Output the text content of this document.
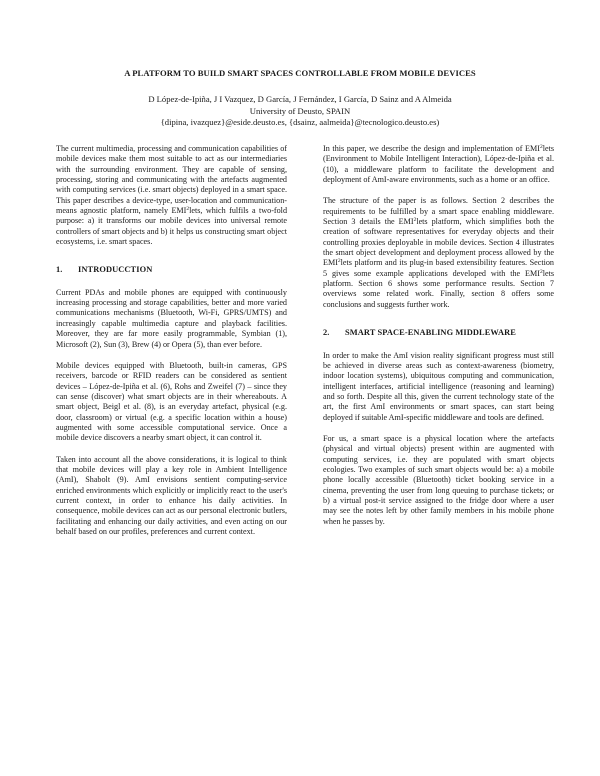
A PLATFORM TO BUILD SMART SPACES CONTROLLABLE FROM MOBILE DEVICES
D López-de-Ipiña, J I Vazquez, D García, J Fernández, I García, D Sainz and A Almeida
University of Deusto, SPAIN
{dipina, ivazquez}@eside.deusto.es, {dsainz, aalmeida}@tecnologico.deusto.es)

The current multimedia, processing and communication capabilities of mobile devices make them most suitable to act as our intermediaries with the surrounding environment. They are capable of sensing, processing, storing and communicating with the artefacts augmented with computing services (i.e. smart objects) deployed in a smart space. This paper describes a device-type, user-location and communication-means agnostic platform, namely EMI$^2$lets, which fulfils a two-fold purpose: a) it transforms our mobile devices into universal remote controllers of smart objects and b) it helps us constructing smart object ecosystems, i.e. smart spaces.

1. INTRODUCCTION

Current PDAs and mobile phones are equipped with continuously increasing processing and storage capabilities, better and more varied communications mechanisms (Bluetooth, Wi-Fi, GPRS/UMTS) and increasingly capable multimedia capture and playback facilities. Moreover, they are far more easily programmable, Symbian (1), Microsoft (2), Sun (3), Brew (4) or Opera (5), than ever before.

Mobile devices equipped with Bluetooth, built-in cameras, GPS receivers, barcode or RFID readers can be considered as sentient devices – López-de-Ipiña et al. (6), Rohs and Zweifel (7) – since they can sense (discover) what smart objects are in their whereabouts. A smart object, Beigl et al. (8), is an everyday artefact, physical (e.g. door, classroom) or virtual (e.g. a specific location within a house) augmented with some accessible computational service. Once a mobile device discovers a nearby smart object, it can control it.

Taken into account all the above considerations, it is logical to think that mobile devices will play a key role in Ambient Intelligence (AmI), Shabolt (9). AmI envisions sentient computing-service enriched environments which explicitly or implicitly react to the user's current context, in order to enhance his daily activities. In consequence, mobile devices can act as our personal electronic butlers, facilitating and enhancing our daily activities, and even acting on our behalf based on our profiles, preferences and current context.

In this paper, we describe the design and implementation of EMI$^2$lets (Environment to Mobile Intelligent Interaction), López-de-Ipiña et al. (10), a middleware platform to facilitate the development and deployment of AmI-aware environments, such as a home or an office.

The structure of the paper is as follows. Section 2 describes the requirements to be fulfilled by a smart space enabling middleware. Section 3 details the EMI$^2$lets platform, which simplifies both the creation of software representatives for everyday objects and their controlling proxies deployable in mobile devices. Section 4 illustrates the smart object development and deployment process allowed by the EMI$^2$lets platform and its plug-in based extensibility features. Section 5 gives some example applications developed with the EMI$^2$lets platform. Section 6 shows some performance results. Section 7 overviews some related work. Finally, section 8 offers some conclusions and suggests further work.

2. SMART SPACE-ENABLING MIDDLEWARE

In order to make the AmI vision reality significant progress must still be achieved in diverse areas such as context-awareness (biometry, indoor location systems), ubiquitous computing and communication, intelligent interfaces, artificial intelligence (reasoning and learning) and so forth. Despite all this, given the current technology state of the art, the first AmI environments or smart spaces, can start being deployed if suitable AmI-specific middleware and tools are defined.

For us, a smart space is a physical location where the artefacts (physical and virtual objects) present within are augmented with computing services, i.e. they are populated with smart objects ecologies. Two examples of such smart objects would be: a) a mobile phone locally accessible (Bluetooth) ticket booking service in a cinema, preventing the user from long queuing to purchase tickets; or b) a virtual post-it service assigned to the fridge door where a user may see the notes left by other family members in his mobile phone when he passes by.
